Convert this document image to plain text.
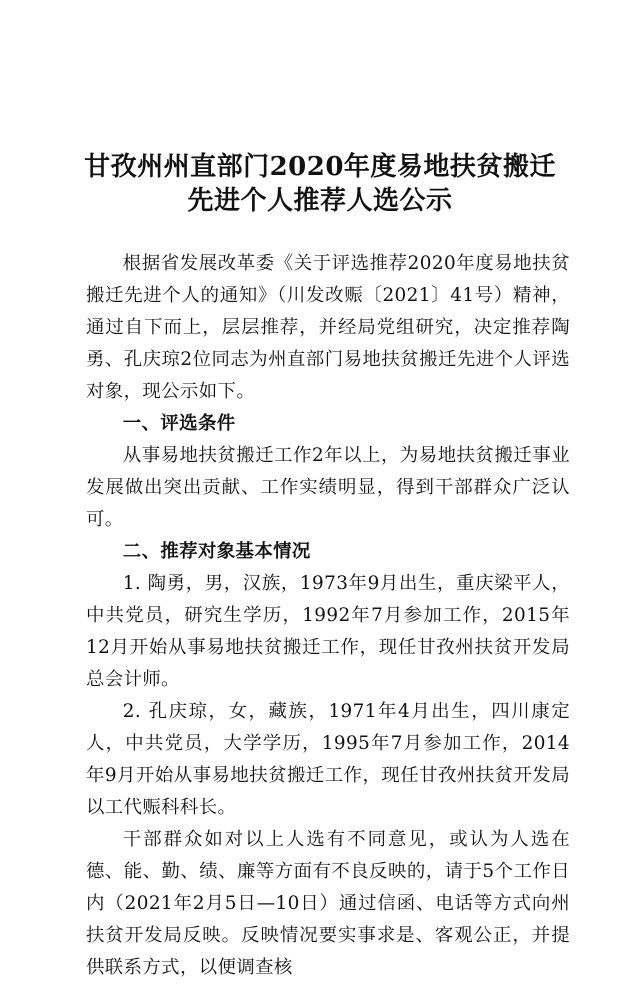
甘孜州州直部门2020年度易地扶贫搬迁
先进个人推荐人选公示

根据省发展改革委《关于评选推荐2020年度易地扶贫搬迁先进个人的通知》（川发改赈〔2021〕41号）精神，通过自下而上，层层推荐，并经局党组研究，决定推荐陶勇、孔庆琼2位同志为州直部门易地扶贫搬迁先进个人评选对象，现公示如下。

一、评选条件

从事易地扶贫搬迁工作2年以上，为易地扶贫搬迁事业发展做出突出贡献、工作实绩明显，得到干部群众广泛认可。

二、推荐对象基本情况

1. 陶勇，男，汉族，1973年9月出生，重庆梁平人，中共党员，研究生学历，1992年7月参加工作，2015年12月开始从事易地扶贫搬迁工作，现任甘孜州扶贫开发局总会计师。

2. 孔庆琼，女，藏族，1971年4月出生，四川康定人，中共党员，大学学历，1995年7月参加工作，2014年9月开始从事易地扶贫搬迁工作，现任甘孜州扶贫开发局以工代赈科科长。

干部群众如对以上人选有不同意见，或认为人选在德、能、勤、绩、廉等方面有不良反映的，请于5个工作日内（2021年2月5日—10日）通过信函、电话等方式向州扶贫开发局反映。反映情况要实事求是、客观公正，并提供联系方式，以便调查核
